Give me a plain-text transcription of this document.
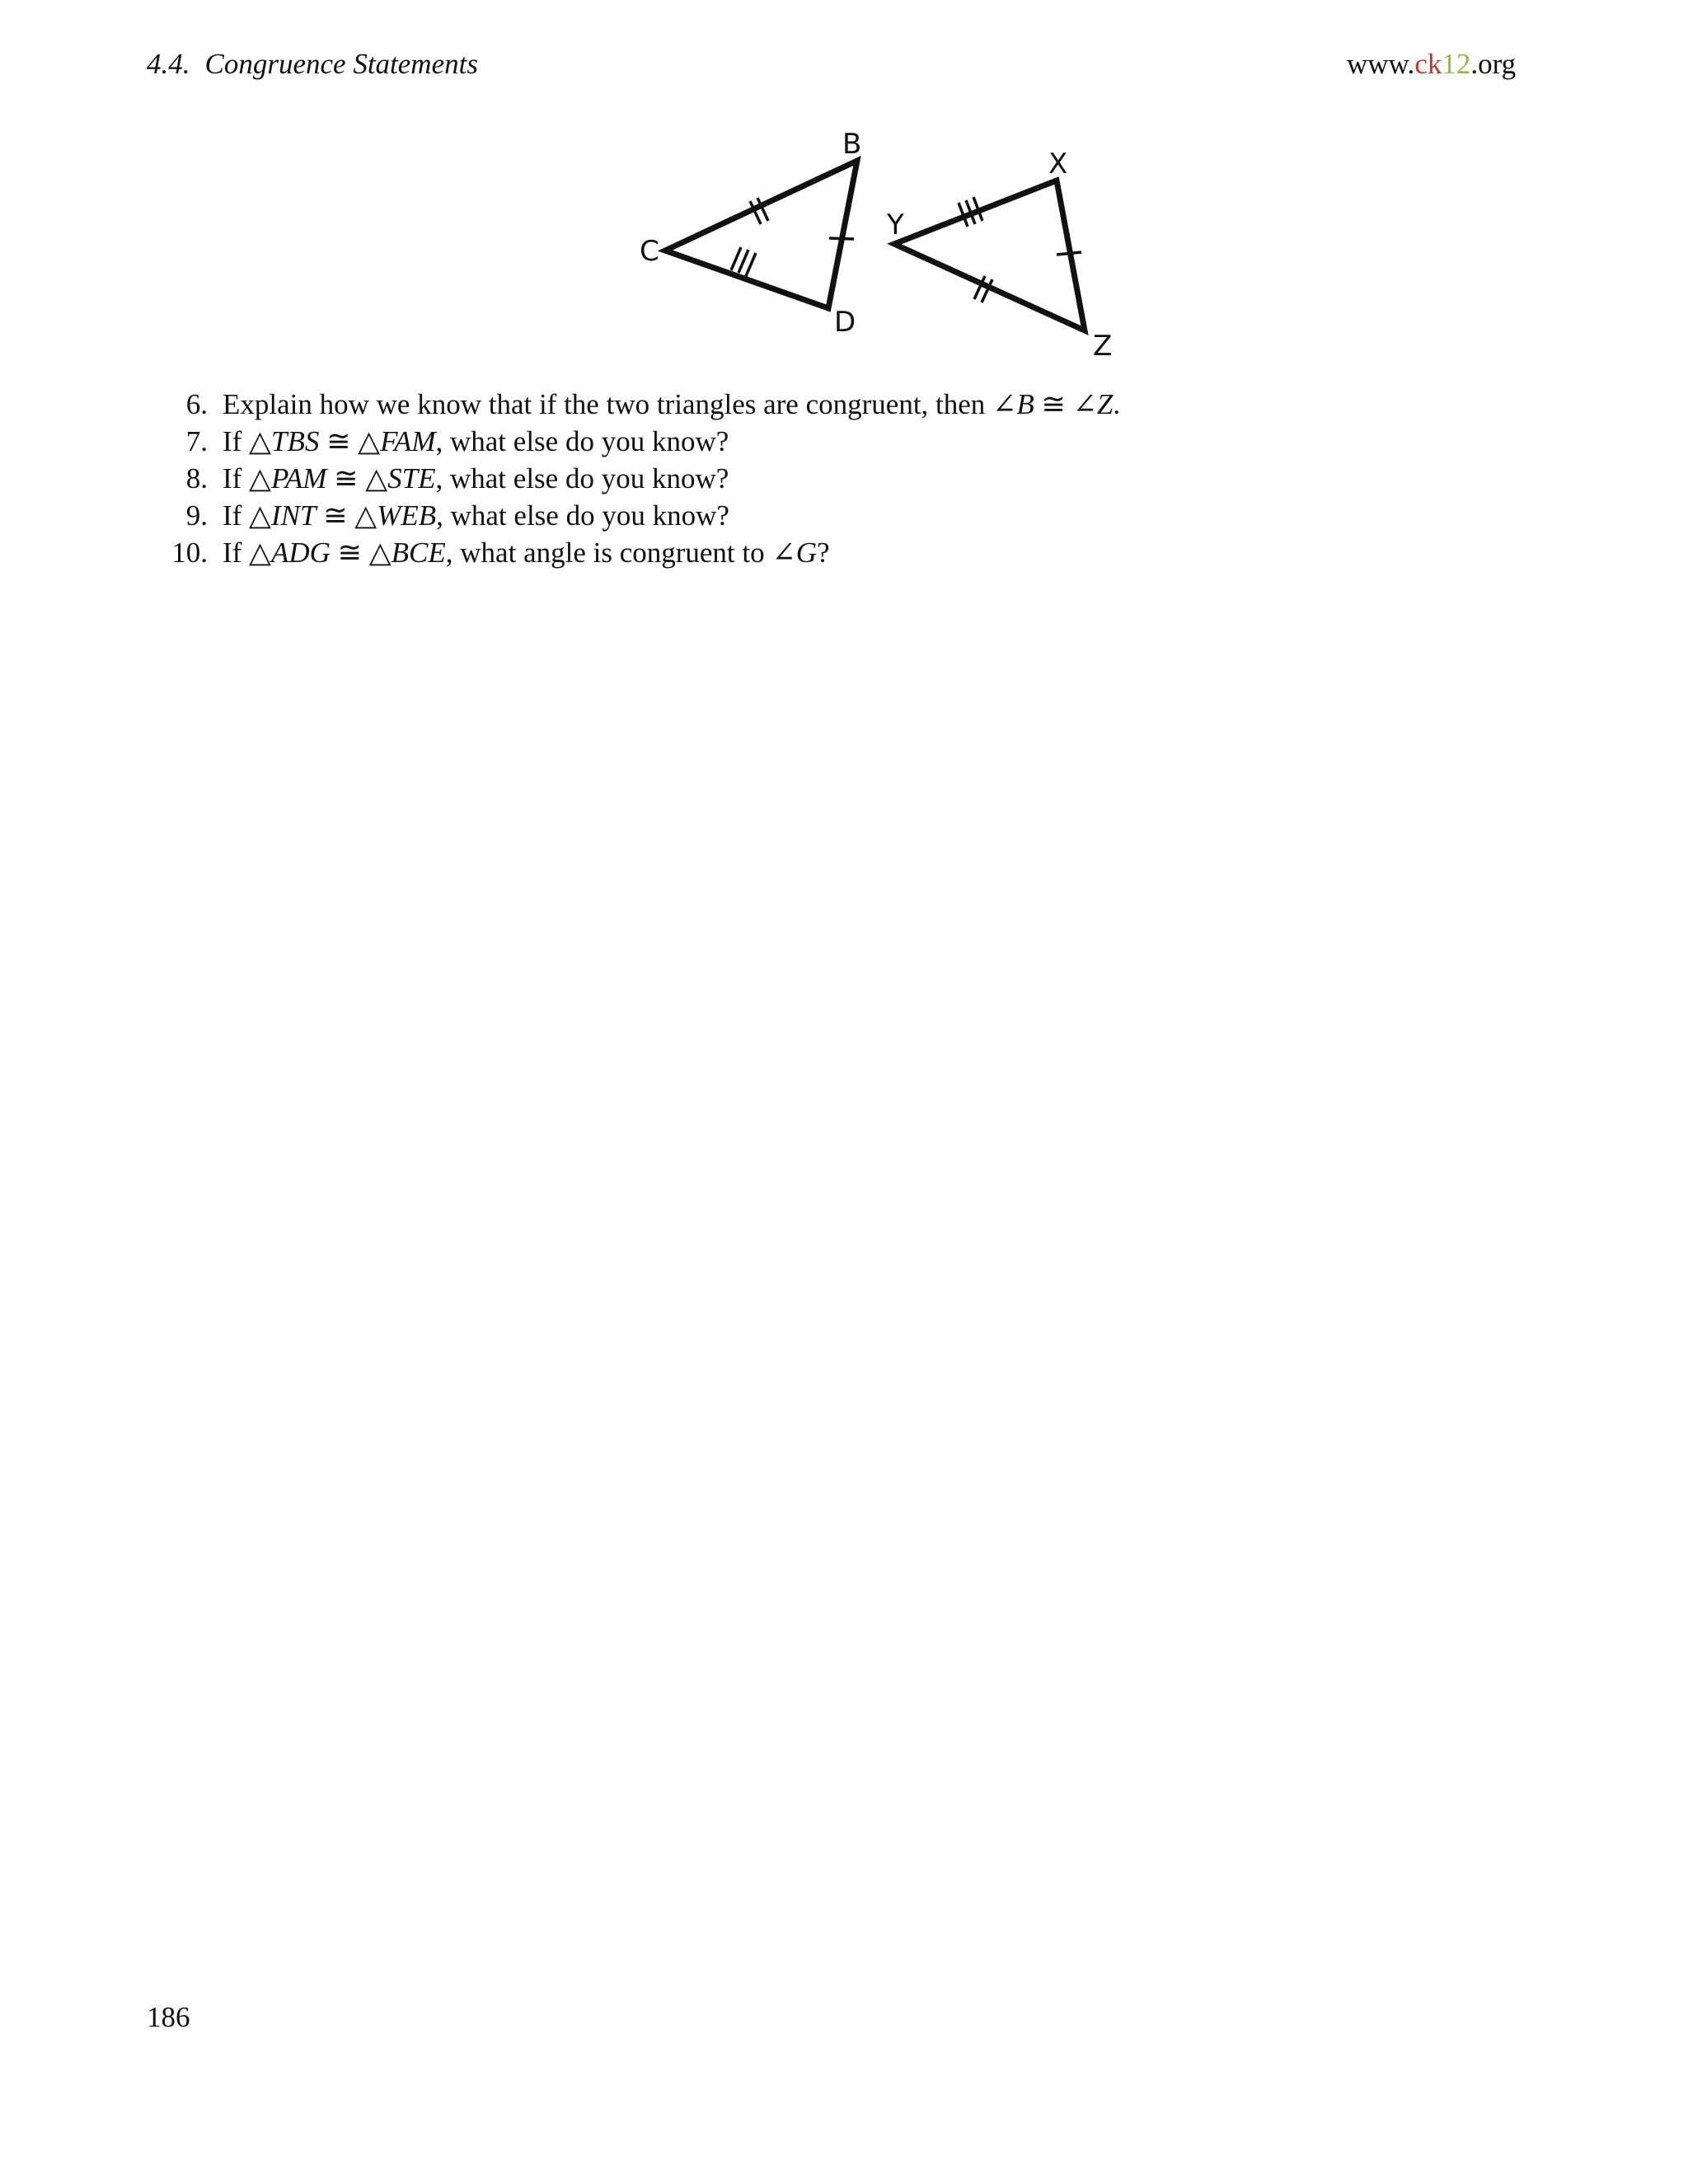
4.4. Congruence Statements	www.ck12.org
B
C
D
X
Y
Z
6. Explain how we know that if the two triangles are congruent, then ∠B ≅ ∠Z.
7. If △TBS ≅ △FAM, what else do you know?
8. If △PAM ≅ △STE, what else do you know?
9. If △INT ≅ △WEB, what else do you know?
10. If △ADG ≅ △BCE, what angle is congruent to ∠G?
186
